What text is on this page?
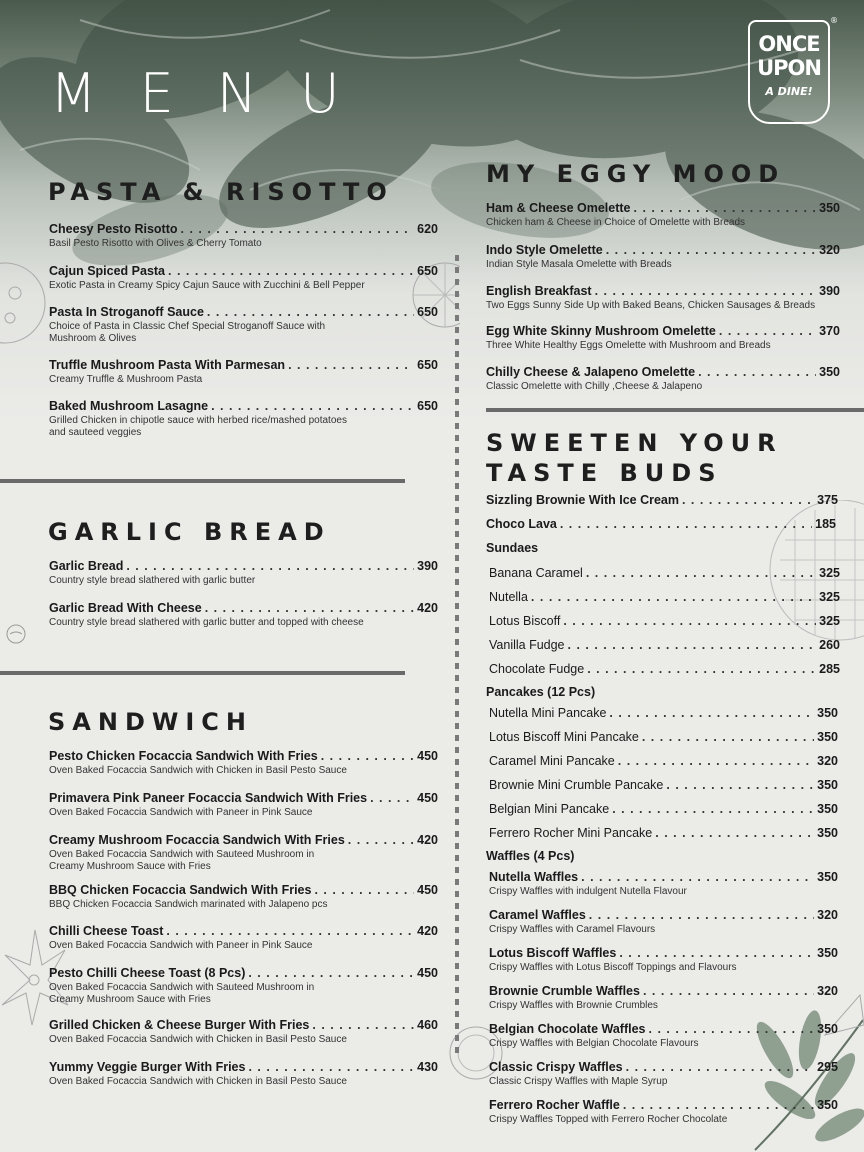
MENU
®
ONCE
UPON
A DINE!
PASTA & RISOTTO
Cheesy Pesto Risotto . . .	620
Basil Pesto Risotto with Olives & Cherry Tomato
Cajun Spiced Pasta . . .	650
Exotic Pasta in Creamy Spicy Cajun Sauce with Zucchini & Bell Pepper
Pasta In Stroganoff Sauce . . .	650
Choice of Pasta in Classic Chef Special Stroganoff Sauce with Mushroom & Olives
Truffle Mushroom Pasta With Parmesan . . .	650
Creamy Truffle & Mushroom Pasta
Baked Mushroom Lasagne . . .	650
Grilled Chicken in chipotle sauce with herbed rice/mashed potatoes and sauteed veggies
GARLIC BREAD
Garlic Bread . . .	390
Country style bread slathered with garlic butter
Garlic Bread With Cheese . . .	420
Country style bread slathered with garlic butter and topped with cheese
SANDWICH
Pesto Chicken Focaccia Sandwich With Fries . . .	450
Oven Baked Focaccia Sandwich with Chicken in Basil Pesto Sauce
Primavera Pink Paneer Focaccia Sandwich With Fries . . .	450
Oven Baked Focaccia Sandwich with Paneer in Pink Sauce
Creamy Mushroom Focaccia Sandwich With Fries . . .	420
Oven Baked Focaccia Sandwich with Sauteed Mushroom in Creamy Mushroom Sauce with Fries
BBQ Chicken Focaccia Sandwich With Fries . . .	450
BBQ Chicken Focaccia Sandwich marinated with Jalapeno pcs
Chilli Cheese Toast . . .	420
Oven Baked Focaccia Sandwich with Paneer in Pink Sauce
Pesto Chilli Cheese Toast (8 Pcs) . . .	450
Oven Baked Focaccia Sandwich with Sauteed Mushroom in Creamy Mushroom Sauce with Fries
Grilled Chicken & Cheese Burger With Fries . . .	460
Oven Baked Focaccia Sandwich with Chicken in Basil Pesto Sauce
Yummy Veggie Burger With Fries . . .	430
Oven Baked Focaccia Sandwich with Chicken in Basil Pesto Sauce
MY EGGY MOOD
Ham & Cheese Omelette . . .	350
Chicken ham & Cheese in Choice of Omelette with Breads
Indo Style Omelette . . .	320
Indian Style Masala Omelette with Breads
English Breakfast . . .	390
Two Eggs Sunny Side Up with Baked Beans, Chicken Sausages & Breads
Egg White Skinny Mushroom Omelette . . .	370
Three White Healthy Eggs Omelette with Mushroom and Breads
Chilly Cheese & Jalapeno Omelette . . .	350
Classic Omelette with Chilly ,Cheese & Jalapeno
SWEETEN YOUR
TASTE BUDS
Sizzling Brownie With Ice Cream . . .	375
Choco Lava . . .	185
Sundaes
Banana Caramel . . .	325
Nutella . . .	325
Lotus Biscoff . . .	325
Vanilla Fudge . . .	260
Chocolate Fudge . . .	285
Pancakes (12 Pcs)
Nutella Mini Pancake . . .	350
Lotus Biscoff Mini Pancake . . .	350
Caramel Mini Pancake . . .	320
Brownie Mini Crumble Pancake . . .	350
Belgian Mini Pancake . . .	350
Ferrero Rocher Mini Pancake . . .	350
Waffles (4 Pcs)
Nutella Waffles . . .	350
Crispy Waffles with indulgent Nutella Flavour
Caramel Waffles . . .	320
Crispy Waffles with Caramel Flavours
Lotus Biscoff Waffles . . .	350
Crispy Waffles with Lotus Biscoff Toppings and Flavours
Brownie Crumble Waffles . . .	320
Crispy Waffles with Brownie Crumbles
Belgian Chocolate Waffles . . .	350
Crispy Waffles with Belgian Chocolate Flavours
Classic Crispy Waffles . . .	295
Classic Crispy Waffles with Maple Syrup
Ferrero Rocher Waffle . . .	350
Crispy Waffles Topped with Ferrero Rocher Chocolate
